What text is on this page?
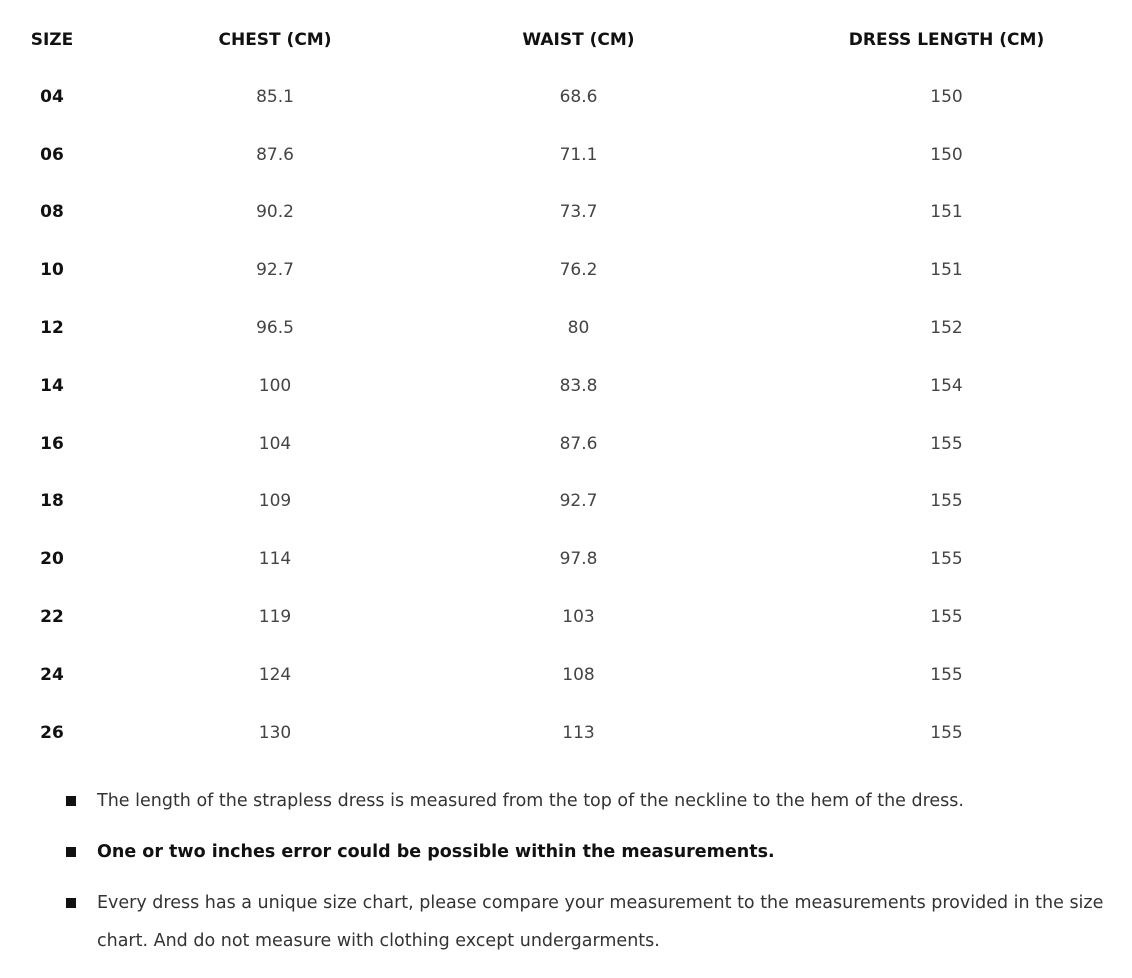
SIZE	CHEST (CM)	WAIST (CM)	DRESS LENGTH (CM)
04	85.1	68.6	150
06	87.6	71.1	150
08	90.2	73.7	151
10	92.7	76.2	151
12	96.5	80	152
14	100	83.8	154
16	104	87.6	155
18	109	92.7	155
20	114	97.8	155
22	119	103	155
24	124	108	155
26	130	113	155
The length of the strapless dress is measured from the top of the neckline to the hem of the dress.
One or two inches error could be possible within the measurements.
Every dress has a unique size chart, please compare your measurement to the measurements provided in the size chart. And do not measure with clothing except undergarments.
